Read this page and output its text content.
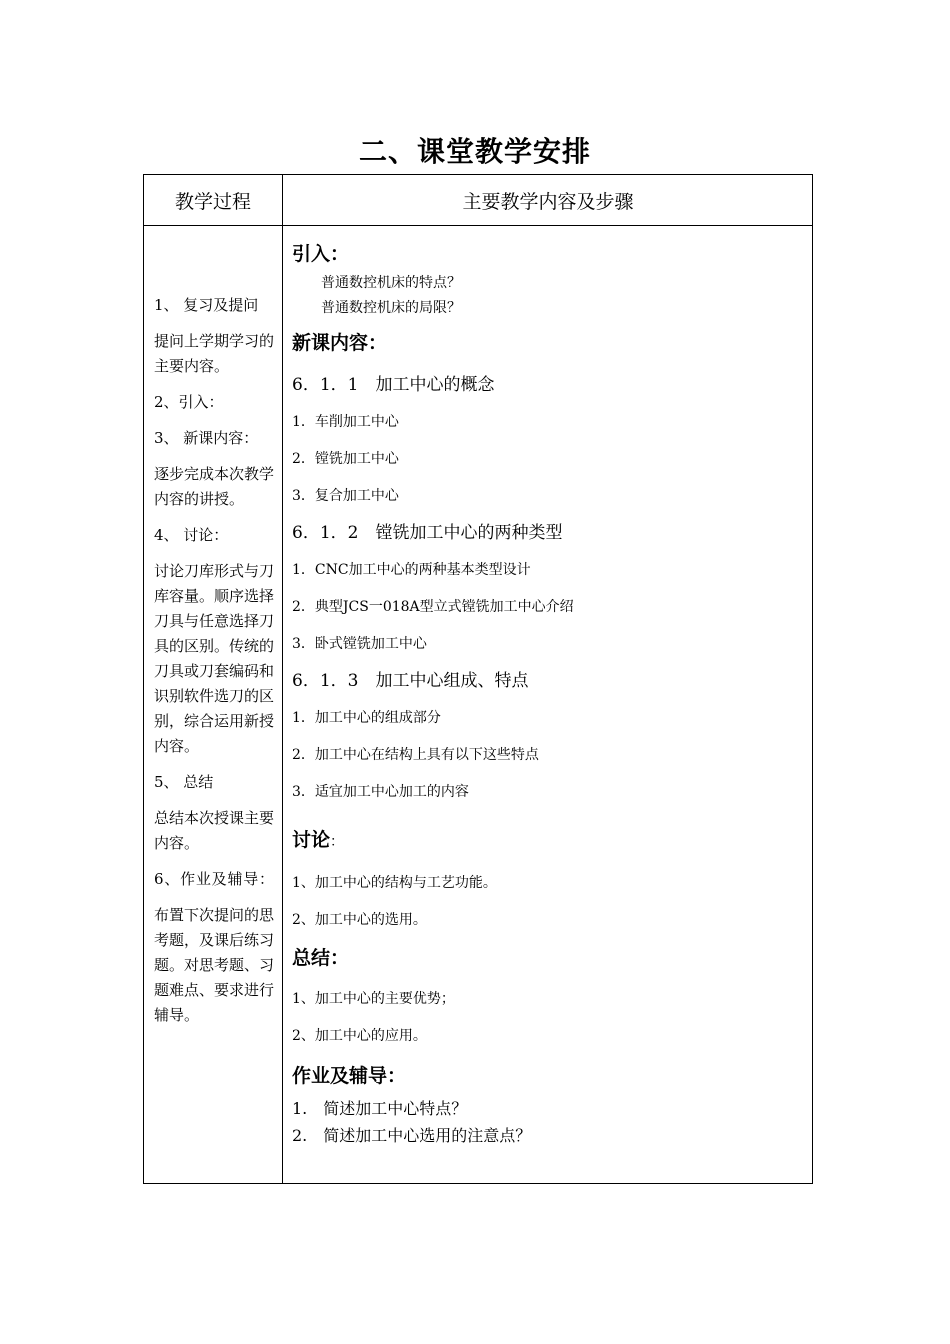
二、课堂教学安排
教学过程	主要教学内容及步骤

1、 复习及提问

提问上学期学习的主要内容。

2、引入：

3、 新课内容：

逐步完成本次教学内容的讲授。

4、 讨论：

讨论刀库形式与刀库容量。顺序选择刀具与任意选择刀具的区别。传统的刀具或刀套编码和识别软件选刀的区别，综合运用新授内容。

5、 总结

总结本次授课主要内容。

6、作业及辅导：

布置下次提问的思考题，及课后练习题。对思考题、习题难点、要求进行辅导。

引入：

普通数控机床的特点？

普通数控机床的局限？

新课内容：

6．1．1　加工中心的概念

1．车削加工中心

2．镗铣加工中心

3．复合加工中心

6．1．2　镗铣加工中心的两种类型

1．CNC加工中心的两种基本类型设计

2．典型JCS一018A型立式镗铣加工中心介绍

3．卧式镗铣加工中心

6．1．3　加工中心组成、特点

1．加工中心的组成部分

2．加工中心在结构上具有以下这些特点

3．适宜加工中心加工的内容

讨论：

1、加工中心的结构与工艺功能。

2、加工中心的选用。

总结：

1、加工中心的主要优势；

2、加工中心的应用。

作业及辅导：

1.　简述加工中心特点？

2.　简述加工中心选用的注意点？
